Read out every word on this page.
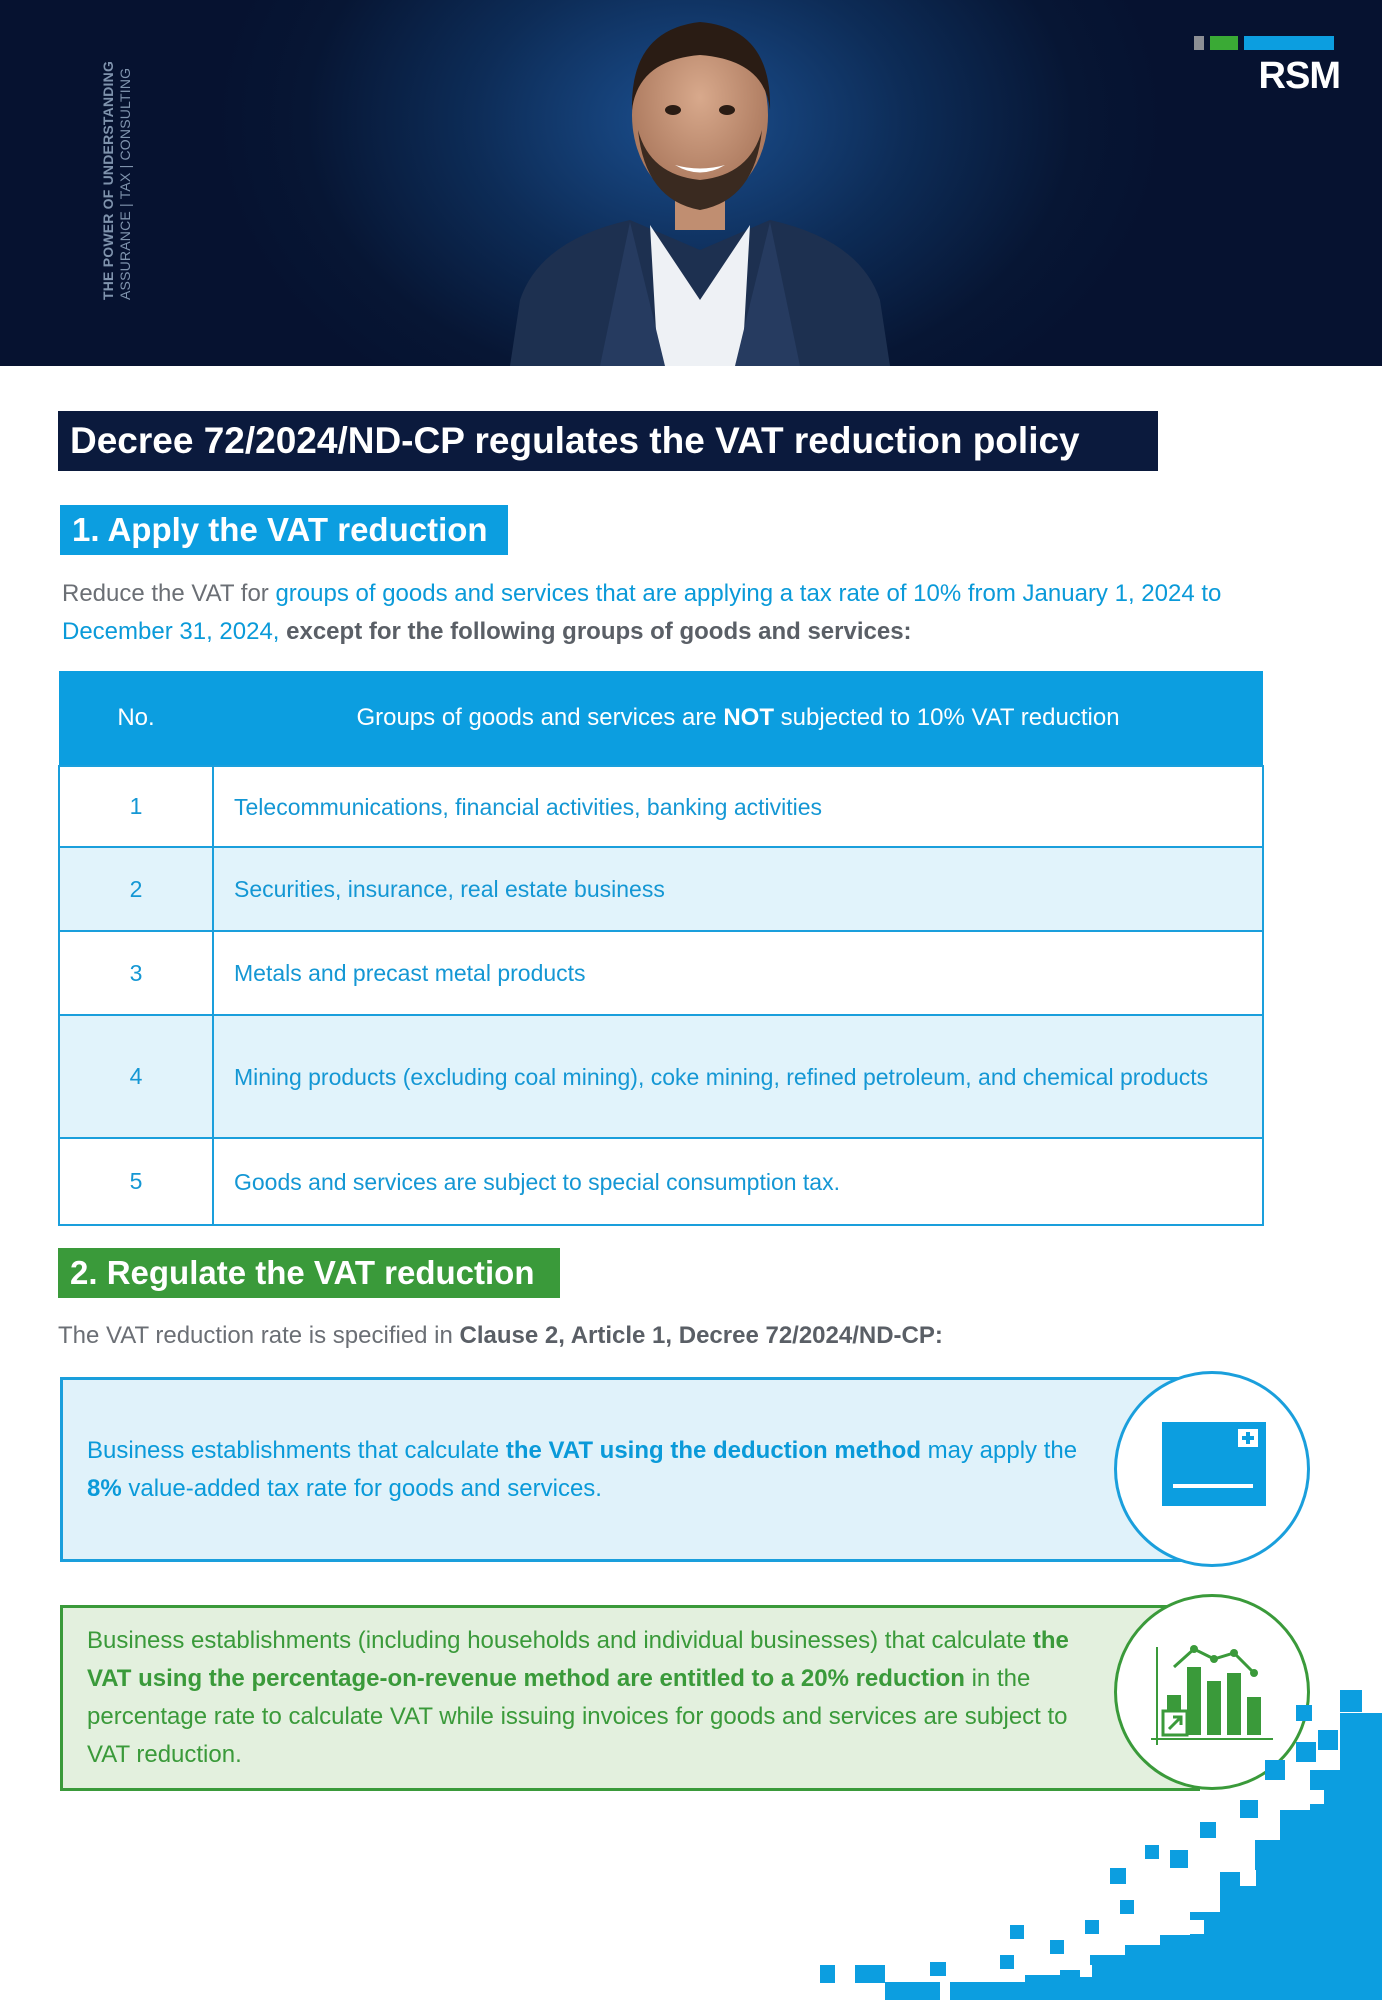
THE POWER OF UNDERSTANDING ASSURANCE | TAX | CONSULTING	RSM
Decree 72/2024/ND-CP regulates the VAT reduction policy
1. Apply the VAT reduction
Reduce the VAT for groups of goods and services that are applying a tax rate of 10% from January 1, 2024 to December 31, 2024, except for the following groups of goods and services:
No.	Groups of goods and services are NOT subjected to 10% VAT reduction
1	Telecommunications, financial activities, banking activities
2	Securities, insurance, real estate business
3	Metals and precast metal products
4	Mining products (excluding coal mining), coke mining, refined petroleum, and chemical products
5	Goods and services are subject to special consumption tax.
2. Regulate the VAT reduction
The VAT reduction rate is specified in Clause 2, Article 1, Decree 72/2024/ND-CP:
Business establishments that calculate the VAT using the deduction method may apply the 8% value-added tax rate for goods and services.
Business establishments (including households and individual businesses) that calculate the VAT using the percentage-on-revenue method are entitled to a 20% reduction in the percentage rate to calculate VAT while issuing invoices for goods and services are subject to VAT reduction.
